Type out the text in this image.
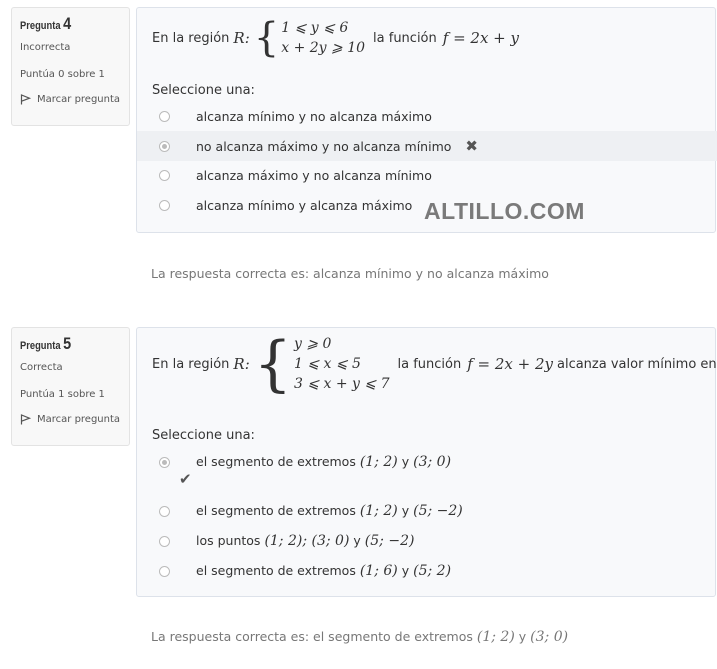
Pregunta 4
Incorrecta
Puntúa 0 sobre 1
Marcar pregunta
En la región R: { 1 ⩽ y ⩽ 6
x + 2y ⩾ 10
la función f = 2x + y
Seleccione una:
alcanza mínimo y no alcanza máximo
no alcanza máximo y no alcanza mínimo ✖
alcanza máximo y no alcanza mínimo
alcanza mínimo y alcanza máximo
La respuesta correcta es: alcanza mínimo y no alcanza máximo
ALTILLO.COM
Pregunta 5
Correcta
Puntúa 1 sobre 1
Marcar pregunta
En la región R: { y ⩾ 0
1 ⩽ x ⩽ 5
3 ⩽ x + y ⩽ 7
la función f = 2x + 2y alcanza valor mínimo en
Seleccione una:
el segmento de extremos (1; 2) y (3; 0)
✔
el segmento de extremos (1; 2) y (5; −2)
los puntos (1; 2); (3; 0) y (5; −2)
el segmento de extremos (1; 6) y (5; 2)
La respuesta correcta es: el segmento de extremos (1; 2) y (3; 0)
